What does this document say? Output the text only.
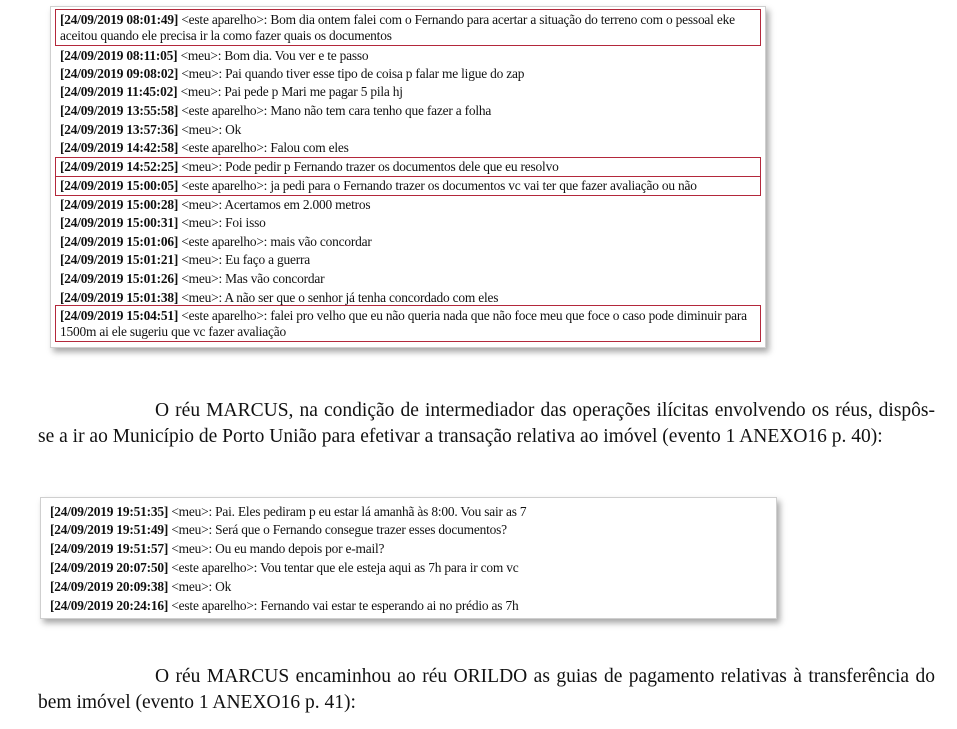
[24/09/2019 08:01:49] <este aparelho>: Bom dia ontem falei com o Fernando para acertar a situação do terreno com o pessoal eke aceitou quando ele precisa ir la como fazer quais os documentos
[24/09/2019 08:11:05] <meu>: Bom dia. Vou ver e te passo
[24/09/2019 09:08:02] <meu>: Pai quando tiver esse tipo de coisa p falar me ligue do zap
[24/09/2019 11:45:02] <meu>: Pai pede p Mari me pagar 5 pila hj
[24/09/2019 13:55:58] <este aparelho>: Mano não tem cara tenho que fazer a folha
[24/09/2019 13:57:36] <meu>: Ok
[24/09/2019 14:42:58] <este aparelho>: Falou com eles
[24/09/2019 14:52:25] <meu>: Pode pedir p Fernando trazer os documentos dele que eu resolvo
[24/09/2019 15:00:05] <este aparelho>: ja pedi para o Fernando trazer os documentos vc vai ter que fazer avaliação ou não
[24/09/2019 15:00:28] <meu>: Acertamos em 2.000 metros
[24/09/2019 15:00:31] <meu>: Foi isso
[24/09/2019 15:01:06] <este aparelho>: mais vão concordar
[24/09/2019 15:01:21] <meu>: Eu faço a guerra
[24/09/2019 15:01:26] <meu>: Mas vão concordar
[24/09/2019 15:01:38] <meu>: A não ser que o senhor já tenha concordado com eles
[24/09/2019 15:04:51] <este aparelho>: falei pro velho que eu não queria nada que não foce meu que foce o caso pode diminuir para 1500m ai ele sugeriu que vc fazer avaliação
O réu MARCUS, na condição de intermediador das operações ilícitas envolvendo os réus, dispôs-se a ir ao Município de Porto União para efetivar a transação relativa ao imóvel (evento 1 ANEXO16 p. 40):
[24/09/2019 19:51:35] <meu>: Pai. Eles pediram p eu estar lá amanhã às 8:00. Vou sair as 7
[24/09/2019 19:51:49] <meu>: Será que o Fernando consegue trazer esses documentos?
[24/09/2019 19:51:57] <meu>: Ou eu mando depois por e-mail?
[24/09/2019 20:07:50] <este aparelho>: Vou tentar que ele esteja aqui as 7h para ir com vc
[24/09/2019 20:09:38] <meu>: Ok
[24/09/2019 20:24:16] <este aparelho>: Fernando vai estar te esperando ai no prédio as 7h
O réu MARCUS encaminhou ao réu ORILDO as guias de pagamento relativas à transferência do bem imóvel (evento 1 ANEXO16 p. 41):
